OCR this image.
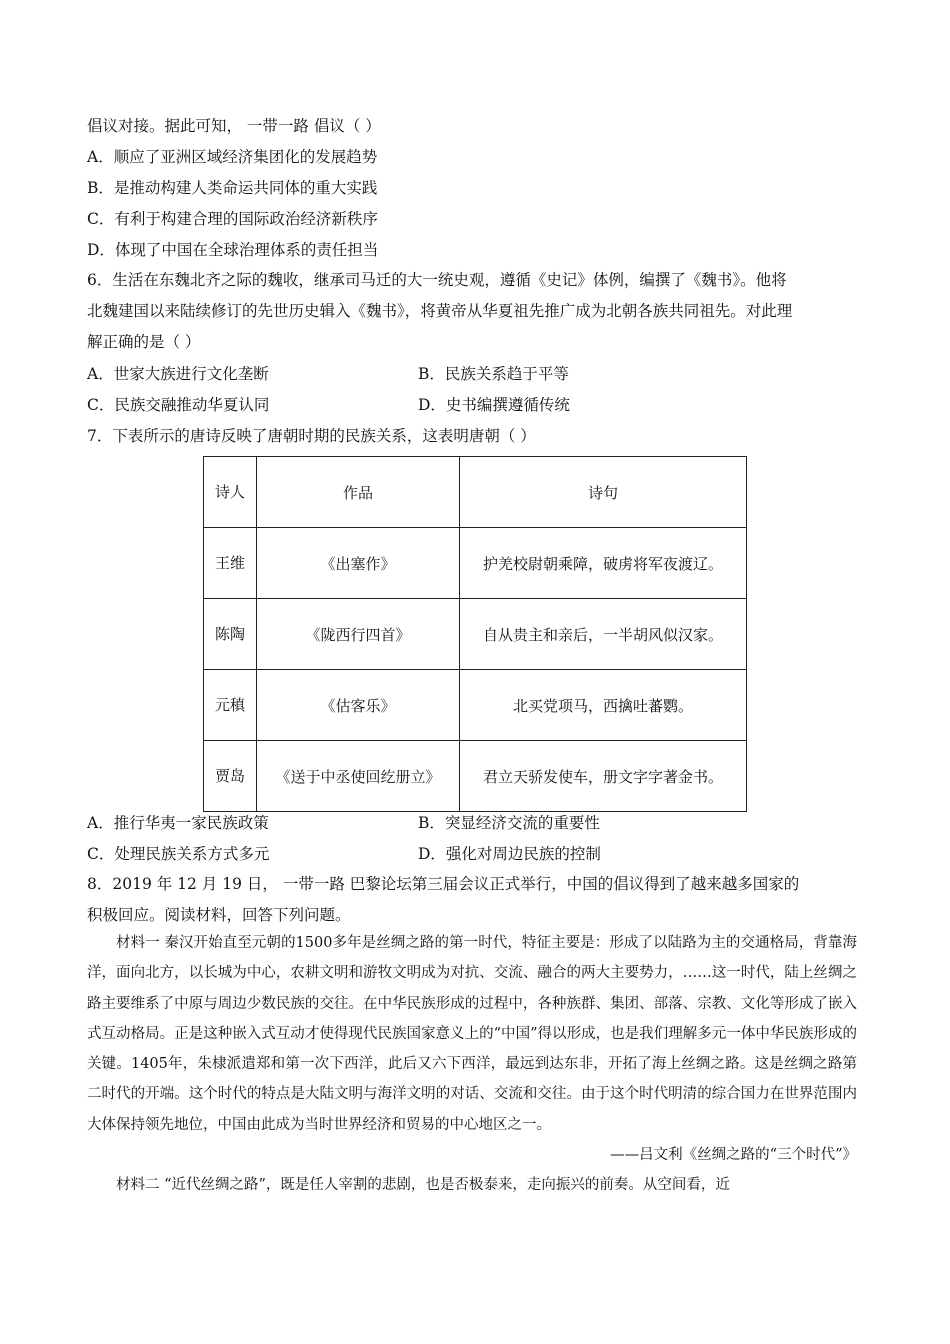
倡议对接。据此可知， 一带一路 倡议（ ）
A．顺应了亚洲区域经济集团化的发展趋势
B．是推动构建人类命运共同体的重大实践
C．有利于构建合理的国际政治经济新秩序
D．体现了中国在全球治理体系的责任担当
6．生活在东魏北齐之际的魏收，继承司马迁的大一统史观，遵循《史记》体例，编撰了《魏书》。他将
北魏建国以来陆续修订的先世历史辑入《魏书》，将黄帝从华夏祖先推广成为北朝各族共同祖先。对此理
解正确的是（ ）
A．世家大族进行文化垄断	B．民族关系趋于平等
C．民族交融推动华夏认同	D．史书编撰遵循传统
7．下表所示的唐诗反映了唐朝时期的民族关系，这表明唐朝（ ）
诗人	作品	诗句
王维	《出塞作》	护羌校尉朝乘障，破虏将军夜渡辽。
陈陶	《陇西行四首》	自从贵主和亲后，一半胡风似汉家。
元稹	《估客乐》	北买党项马，西擒吐蕃鹦。
贾岛	《送于中丞使回纥册立》	君立天骄发使车，册文字字著金书。
A．推行华夷一家民族政策	B．突显经济交流的重要性
C．处理民族关系方式多元	D．强化对周边民族的控制
8．2019 年 12 月 19 日， 一带一路 巴黎论坛第三届会议正式举行，中国的倡议得到了越来越多国家的
积极回应。阅读材料，回答下列问题。

材料一 秦汉开始直至元朝的1500多年是丝绸之路的第一时代，特征主要是：形成了以陆路为主的交通格局，背靠海洋，面向北方，以长城为中心，农耕文明和游牧文明成为对抗、交流、融合的两大主要势力，……这一时代，陆上丝绸之路主要维系了中原与周边少数民族的交往。在中华民族形成的过程中，各种族群、集团、部落、宗教、文化等形成了嵌入式互动格局。正是这种嵌入式互动才使得现代民族国家意义上的“中国”得以形成，也是我们理解多元一体中华民族形成的关键。1405年，朱棣派遣郑和第一次下西洋，此后又六下西洋，最远到达东非，开拓了海上丝绸之路。这是丝绸之路第二时代的开端。这个时代的特点是大陆文明与海洋文明的对话、交流和交往。由于这个时代明清的综合国力在世界范围内大体保持领先地位，中国由此成为当时世界经济和贸易的中心地区之一。

——吕文利《丝绸之路的“三个时代”》

材料二 “近代丝绸之路”，既是任人宰割的悲剧，也是否极泰来，走向振兴的前奏。从空间看，近
